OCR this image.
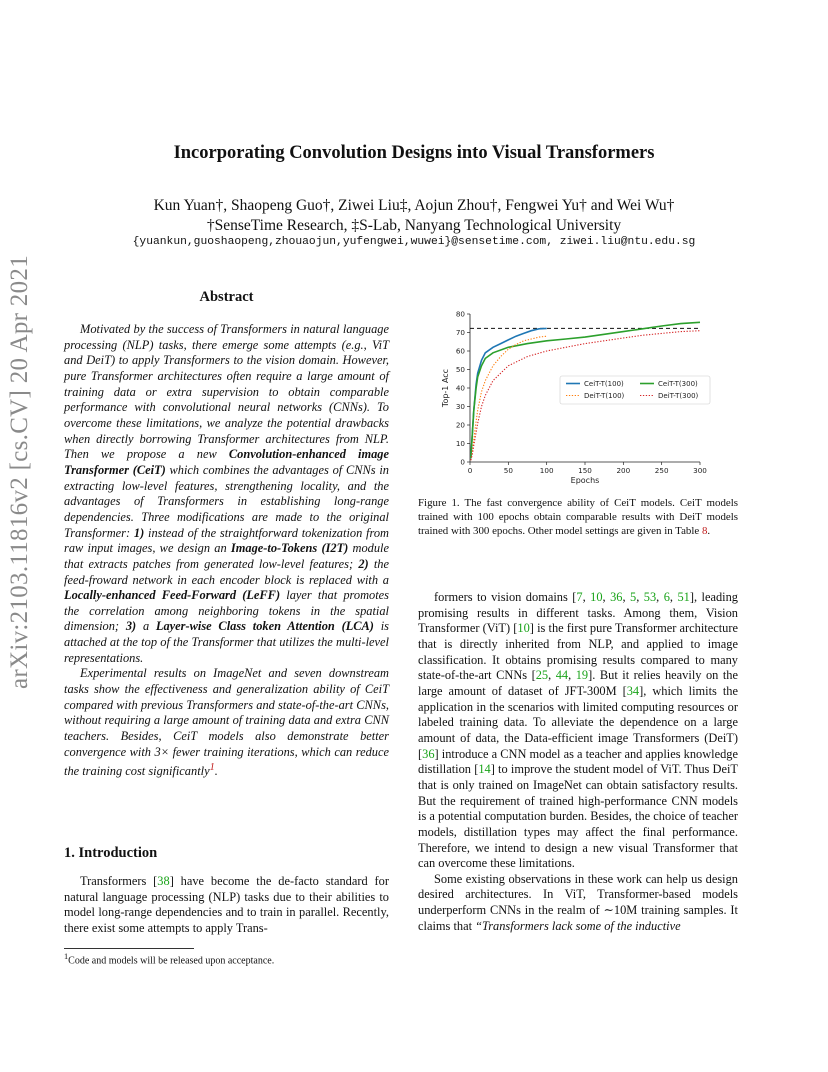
Incorporating Convolution Designs into Visual Transformers
Kun Yuan†, Shaopeng Guo†, Ziwei Liu‡, Aojun Zhou†, Fengwei Yu† and Wei Wu†
†SenseTime Research, ‡S-Lab, Nanyang Technological University
{yuankun,guoshaopeng,zhouaojun,yufengwei,wuwei}@sensetime.com, ziwei.liu@ntu.edu.sg
arXiv:2103.11816v2 [cs.CV] 20 Apr 2021	Abstract

Motivated by the success of Transformers in natural language processing (NLP) tasks, there emerge some attempts (e.g., ViT and DeiT) to apply Transformers to the vision domain. However, pure Transformer architectures often require a large amount of training data or extra supervision to obtain comparable performance with convolutional neural networks (CNNs). To overcome these limitations, we analyze the potential drawbacks when directly borrowing Transformer architectures from NLP. Then we propose a new Convolution-enhanced image Transformer (CeiT) which combines the advantages of CNNs in extracting low-level features, strengthening locality, and the advantages of Transformers in establishing long-range dependencies. Three modifications are made to the original Transformer: 1) instead of the straightforward tokenization from raw input images, we design an Image-to-Tokens (I2T) module that extracts patches from generated low-level features; 2) the feed-froward network in each encoder block is replaced with a Locally-enhanced Feed-Forward (LeFF) layer that promotes the correlation among neighboring tokens in the spatial dimension; 3) a Layer-wise Class token Attention (LCA) is attached at the top of the Transformer that utilizes the multi-level representations.

Experimental results on ImageNet and seven downstream tasks show the effectiveness and generalization ability of CeiT compared with previous Transformers and state-of-the-art CNNs, without requiring a large amount of training data and extra CNN teachers. Besides, CeiT models also demonstrate better convergence with 3× fewer training iterations, which can reduce the training cost significantly$^1$.

1. Introduction

Transformers [38] have become the de-facto standard for natural language processing (NLP) tasks due to their abilities to model long-range dependencies and to train in parallel. Recently, there exist some attempts to apply Trans-

$^1$Code and models will be released upon acceptance.
0
10
20
30
40
50
60
70
80
0	50	100	150	200	250	300
Epochs
Top-1 Acc	CeiT-T(100)	CeiT-T(300)
DeiT-T(100)	DeiT-T(300)
Figure 1. The fast convergence ability of CeiT models. CeiT models trained with 100 epochs obtain comparable results with DeiT models trained with 300 epochs. Other model settings are given in Table 8.

formers to vision domains [7, 10, 36, 5, 53, 6, 51], leading promising results in different tasks. Among them, Vision Transformer (ViT) [10] is the first pure Transformer architecture that is directly inherited from NLP, and applied to image classification. It obtains promising results compared to many state-of-the-art CNNs [25, 44, 19]. But it relies heavily on the large amount of dataset of JFT-300M [34], which limits the application in the scenarios with limited computing resources or labeled training data. To alleviate the dependence on a large amount of data, the Data-efficient image Transformers (DeiT) [36] introduce a CNN model as a teacher and applies knowledge distillation [14] to improve the student model of ViT. Thus DeiT that is only trained on ImageNet can obtain satisfactory results. But the requirement of trained high-performance CNN models is a potential computation burden. Besides, the choice of teacher models, distillation types may affect the final performance. Therefore, we intend to design a new visual Transformer that can overcome these limitations.

Some existing observations in these work can help us design desired architectures. In ViT, Transformer-based models underperform CNNs in the realm of ∼10M training samples. It claims that “Transformers lack some of the inductive
